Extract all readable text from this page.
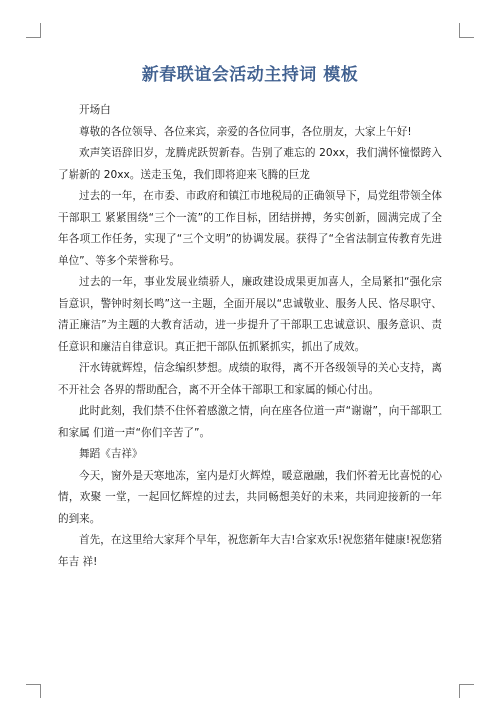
新春联谊会活动主持词 模板

开场白

尊敬的各位领导、各位来宾，亲爱的各位同事，各位朋友，大家上午好!

欢声笑语辞旧岁，龙腾虎跃贺新春。告别了难忘的 20xx，我们满怀憧憬跨入了崭新的 20xx。送走玉兔，我们即将迎来飞腾的巨龙

过去的一年，在市委、市政府和镇江市地税局的正确领导下，局党组带领全体干部职工 紧紧围绕“三个一流”的工作目标，团结拼搏，务实创新，圆满完成了全年各项工作任务，实现了“三个文明”的协调发展。获得了“全省法制宣传教育先进单位”、等多个荣誉称号。

过去的一年，事业发展业绩骄人，廉政建设成果更加喜人，全局紧扣“强化宗旨意识，警钟时刻长鸣”这一主题，全面开展以“忠诚敬业、服务人民、恪尽职守、清正廉洁”为主题的大教育活动，进一步提升了干部职工忠诚意识、服务意识、责任意识和廉洁自律意识。真正把干部队伍抓紧抓实，抓出了成效。

汗水铸就辉煌，信念编织梦想。成绩的取得，离不开各级领导的关心支持，离不开社会 各界的帮助配合，离不开全体干部职工和家属的倾心付出。

此时此刻，我们禁不住怀着感激之情，向在座各位道一声“谢谢”，向干部职工和家属 们道一声“你们辛苦了”。

舞蹈《吉祥》

今天，窗外是天寒地冻，室内是灯火辉煌，暖意融融，我们怀着无比喜悦的心情，欢聚 一堂，一起回忆辉煌的过去，共同畅想美好的未来，共同迎接新的一年的到来。

首先，在这里给大家拜个早年，祝您新年大吉!合家欢乐!祝您猪年健康!祝您猪年吉 祥!
